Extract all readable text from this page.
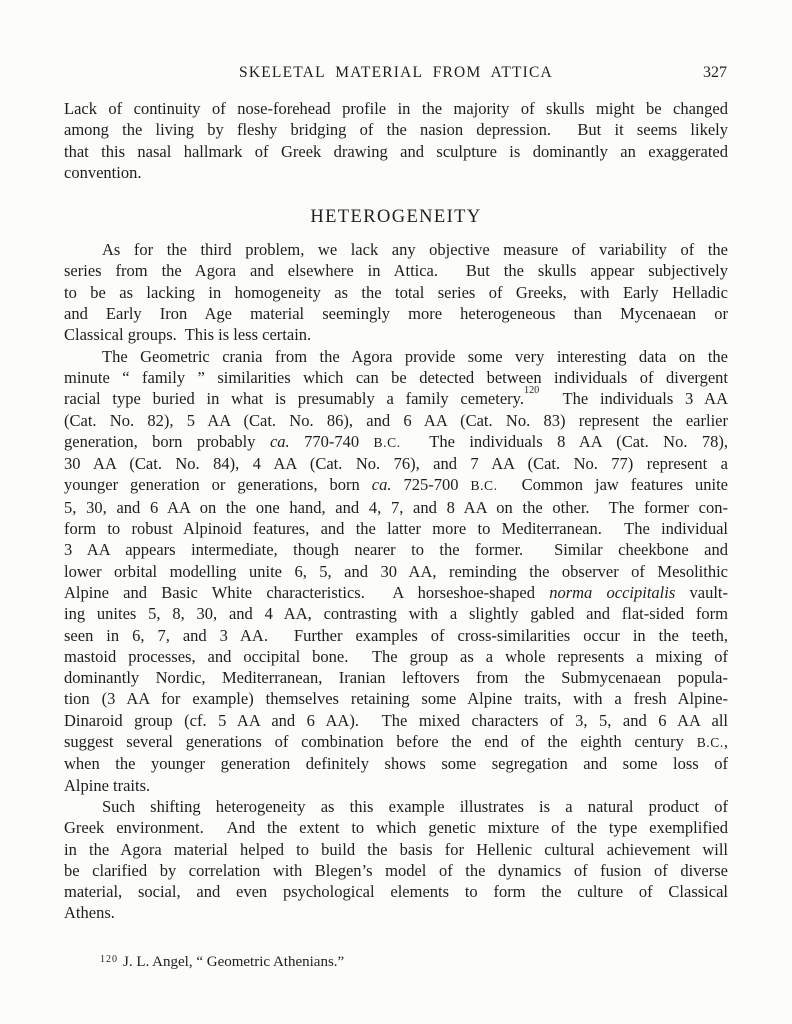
SKELETAL MATERIAL FROM ATTICA	327
Lack of continuity of nose-forehead profile in the majority of skulls might be changed
among the living by fleshy bridging of the nasion depression.  But it seems likely
that this nasal hallmark of Greek drawing and sculpture is dominantly an exaggerated
convention.
HETEROGENEITY
As for the third problem, we lack any objective measure of variability of the
series from the Agora and elsewhere in Attica.  But the skulls appear subjectively
to be as lacking in homogeneity as the total series of Greeks, with Early Helladic
and Early Iron Age material seemingly more heterogeneous than Mycenaean or
Classical groups.  This is less certain.
The Geometric crania from the Agora provide some very interesting data on the
minute “ family ” similarities which can be detected between individuals of divergent
racial type buried in what is presumably a family cemetery.$^{120}$  The individuals 3 AA
(Cat. No. 82), 5 AA (Cat. No. 86), and 6 AA (Cat. No. 83) represent the earlier
generation, born probably ca. 770-740 B.C.  The individuals 8 AA (Cat. No. 78),
30 AA (Cat. No. 84), 4 AA (Cat. No. 76), and 7 AA (Cat. No. 77) represent a
younger generation or generations, born ca. 725-700 B.C.  Common jaw features unite
5, 30, and 6 AA on the one hand, and 4, 7, and 8 AA on the other.  The former con-
form to robust Alpinoid features, and the latter more to Mediterranean.  The individual
3 AA appears intermediate, though nearer to the former.  Similar cheekbone and
lower orbital modelling unite 6, 5, and 30 AA, reminding the observer of Mesolithic
Alpine and Basic White characteristics.  A horseshoe-shaped norma occipitalis vault-
ing unites 5, 8, 30, and 4 AA, contrasting with a slightly gabled and flat-sided form
seen in 6, 7, and 3 AA.  Further examples of cross-similarities occur in the teeth,
mastoid processes, and occipital bone.  The group as a whole represents a mixing of
dominantly Nordic, Mediterranean, Iranian leftovers from the Submycenaean popula-
tion (3 AA for example) themselves retaining some Alpine traits, with a fresh Alpine-
Dinaroid group (cf. 5 AA and 6 AA).  The mixed characters of 3, 5, and 6 AA all
suggest several generations of combination before the end of the eighth century B.C.,
when the younger generation definitely shows some segregation and some loss of
Alpine traits.
Such shifting heterogeneity as this example illustrates is a natural product of
Greek environment.  And the extent to which genetic mixture of the type exemplified
in the Agora material helped to build the basis for Hellenic cultural achievement will
be clarified by correlation with Blegen’s model of the dynamics of fusion of diverse
material, social, and even psychological elements to form the culture of Classical
Athens.
$^{120}$ J. L. Angel, “ Geometric Athenians.”
